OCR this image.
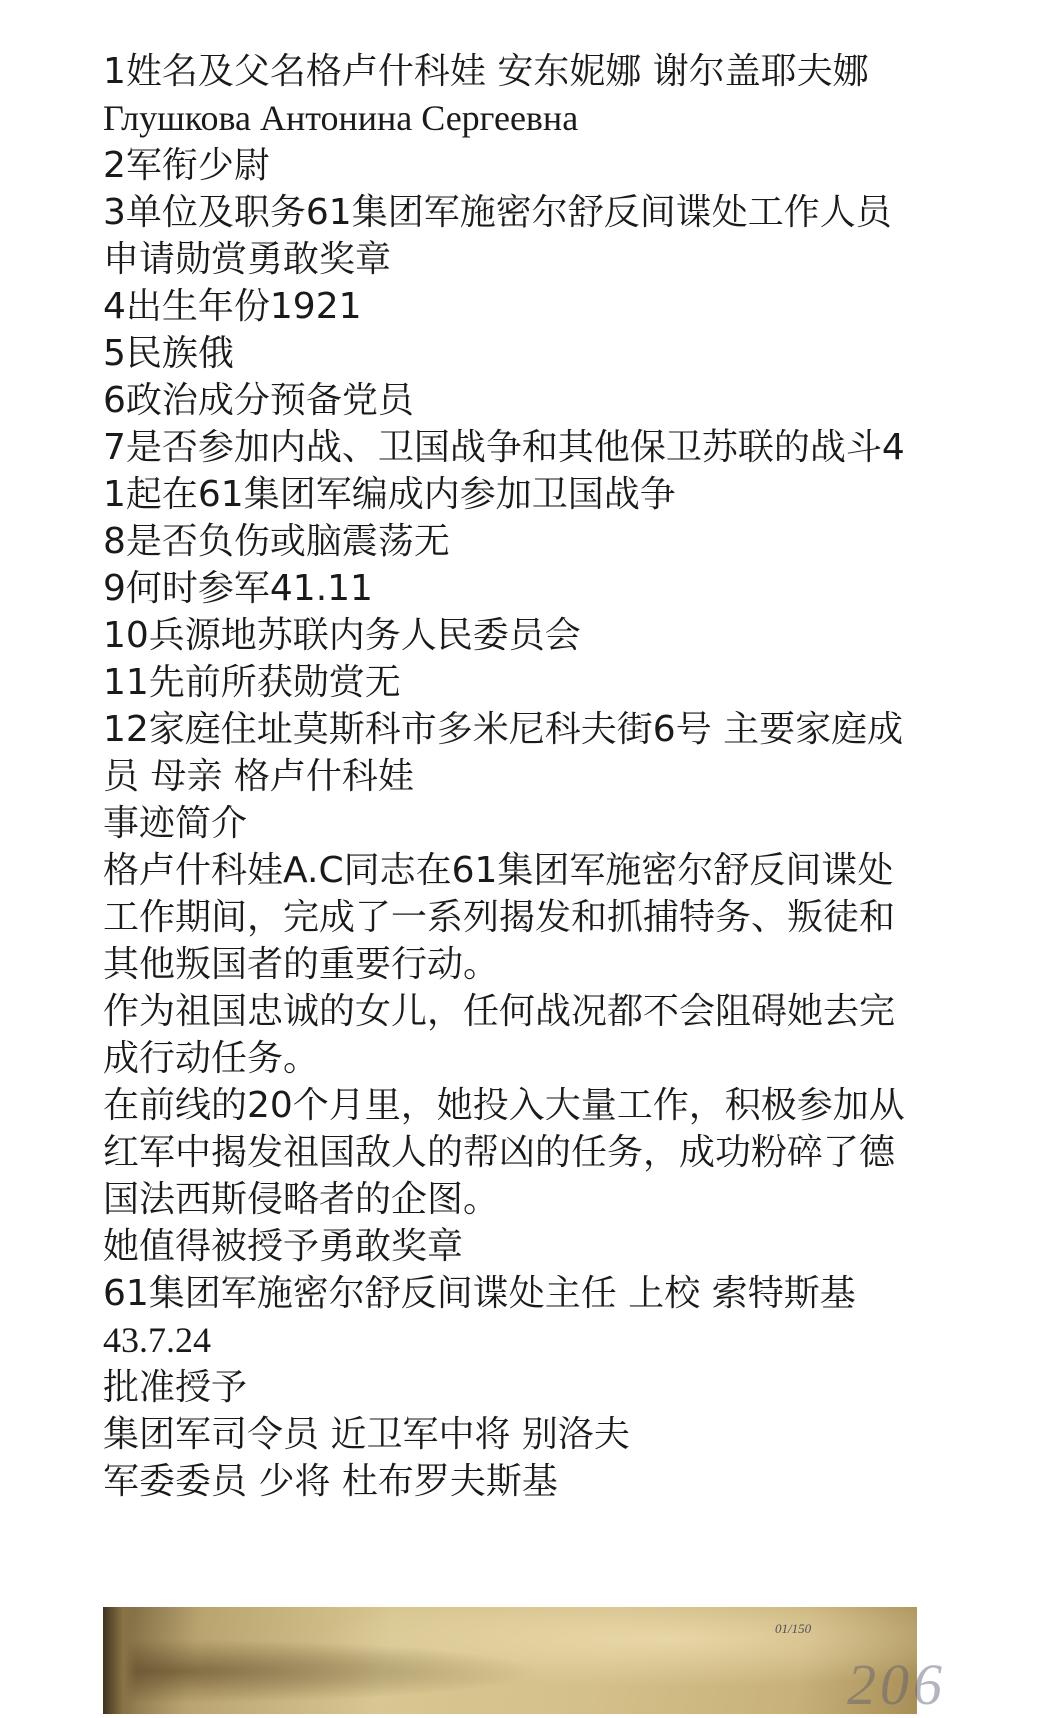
1姓名及父名格卢什科娃 安东妮娜 谢尔盖耶夫娜
Глушкова Антонина Сергеевна
2军衔少尉
3单位及职务61集团军施密尔舒反间谍处工作人员
申请勋赏勇敢奖章
4出生年份1921
5民族俄
6政治成分预备党员
7是否参加内战、卫国战争和其他保卫苏联的战斗41起在61集团军编成内参加卫国战争
8是否负伤或脑震荡无
9何时参军41.11
10兵源地苏联内务人民委员会
11先前所获勋赏无
12家庭住址莫斯科市多米尼科夫街6号 主要家庭成员 母亲 格卢什科娃
事迹简介
格卢什科娃A.C同志在61集团军施密尔舒反间谍处工作期间，完成了一系列揭发和抓捕特务、叛徒和其他叛国者的重要行动。
作为祖国忠诚的女儿，任何战况都不会阻碍她去完成行动任务。
在前线的20个月里，她投入大量工作，积极参加从红军中揭发祖国敌人的帮凶的任务，成功粉碎了德国法西斯侵略者的企图。
她值得被授予勇敢奖章
61集团军施密尔舒反间谍处主任 上校 索特斯基
43.7.24
批准授予
集团军司令员 近卫军中将 别洛夫
军委委员 少将 杜布罗夫斯基
01/150
206
